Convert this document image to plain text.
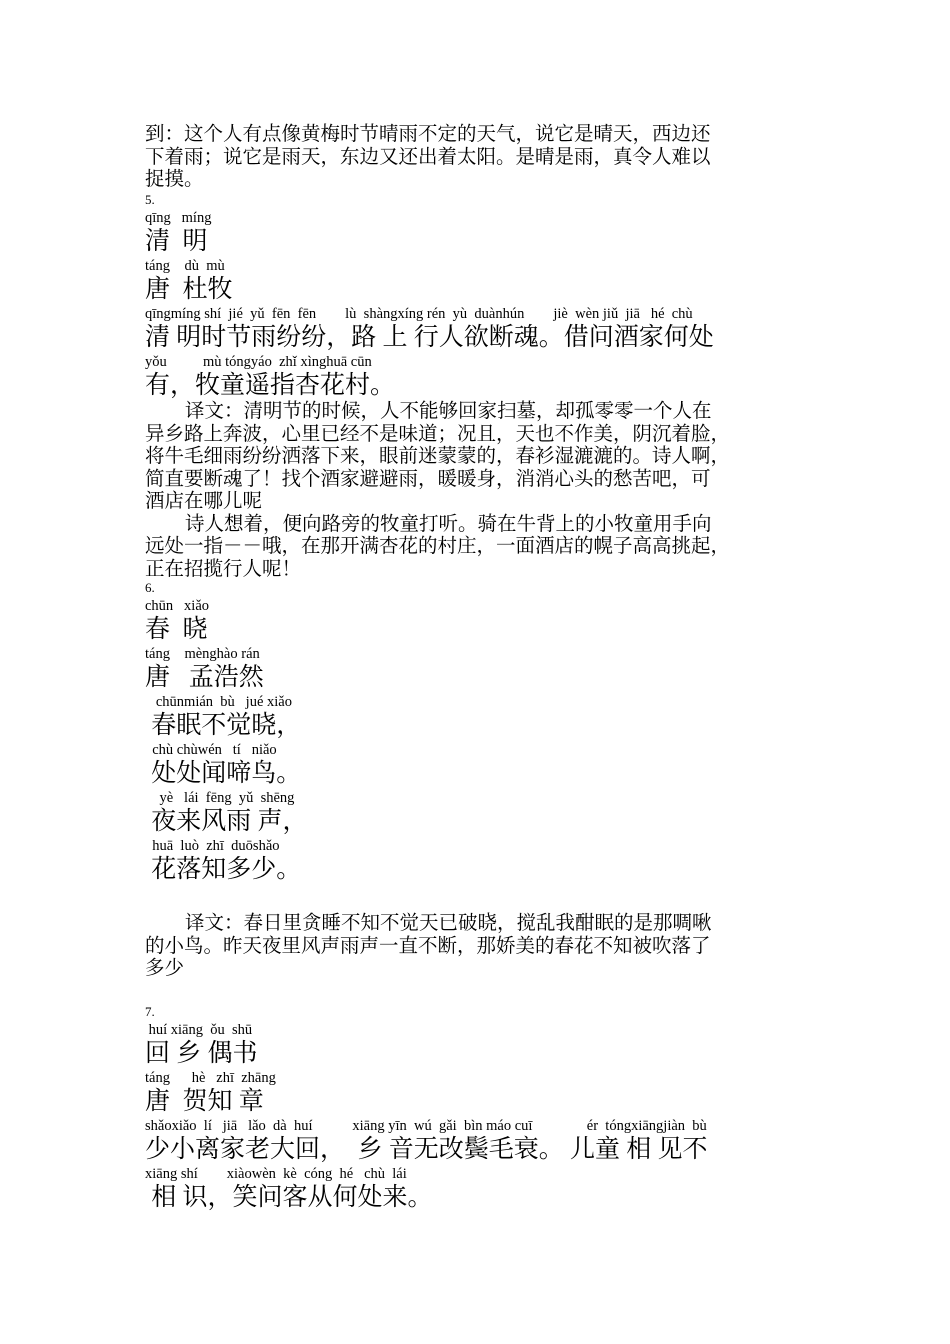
到：这个人有点像黄梅时节晴雨不定的天气，说它是晴天，西边还
下着雨；说它是雨天，东边又还出着太阳。是晴是雨，真令人难以
捉摸。
5.
qīng   míng
清  明
táng    dù  mù
唐  杜牧
qīngmíng shí  jié  yǔ  fēn  fēn        lù  shàngxíng rén  yù  duànhún        jiè  wèn jiǔ  jiā   hé  chù
清 明时节雨纷纷，路 上 行人欲断魂。借问酒家何处
yǒu          mù tóngyáo  zhǐ xìnghuā cūn
有，牧童遥指杏花村。
译文：清明节的时候，人不能够回家扫墓，却孤零零一个人在
异乡路上奔波，心里已经不是味道；况且，天也不作美，阴沉着脸，
将牛毛细雨纷纷洒落下来，眼前迷蒙蒙的，春衫湿漉漉的。诗人啊，
简直要断魂了！找个酒家避避雨，暖暖身，消消心头的愁苦吧，可
酒店在哪儿呢
诗人想着，便向路旁的牧童打听。骑在牛背上的小牧童用手向
远处一指－－哦，在那开满杏花的村庄，一面酒店的幌子高高挑起，
正在招揽行人呢！
6.
chūn   xiǎo
春  晓
táng    mènghào rán
唐   孟浩然
chūnmián  bù   jué xiǎo
春眠不觉晓，
chù chùwén   tí   niǎo
处处闻啼鸟。
yè   lái  fēng  yǔ  shēng
夜来风雨 声，
huā  luò  zhī  duōshǎo
花落知多少。
译文：春日里贪睡不知不觉天已破晓，搅乱我酣眠的是那啁啾
的小鸟。昨天夜里风声雨声一直不断，那娇美的春花不知被吹落了
多少
7.
huí xiāng  ǒu  shū
回 乡 偶书
táng      hè   zhī  zhāng
唐  贺知 章
shǎoxiǎo  lí   jiā   lǎo  dà  huí           xiāng yīn  wú  gǎi  bìn máo cuī               ér  tóngxiāngjiàn  bù
少小离家老大回，  乡 音无改鬓毛衰。 儿童 相 见不
xiāng shí        xiàowèn  kè  cóng  hé   chù  lái
相 识，笑问客从何处来。
